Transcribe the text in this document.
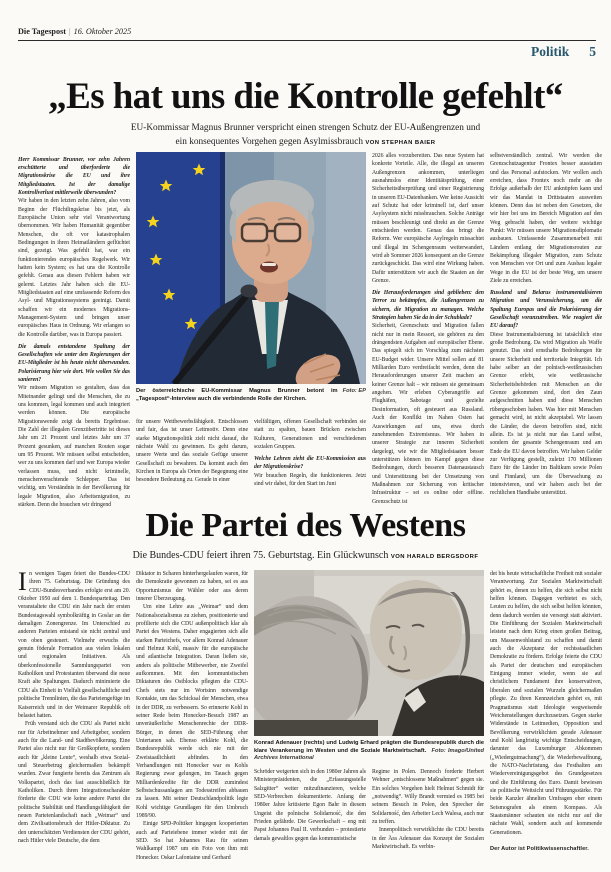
Die Tagespost | 16. Oktober 2025
Politik 5
„Es hat uns die Kontrolle gefehlt“
EU-Kommissar Magnus Brunner verspricht einen strengen Schutz der EU-Außengrenzen und
ein konsequentes Vorgehen gegen Asylmissbrauch VON STEPHAN BAIER

Herr Kommissar Brunner, vor zehn Jahren erschütterte und überforderte die Migrationskrise die EU und ihre Mitgliedstaaten. Ist der damalige Kontrollverlust mittlerweile überwunden?

Wir haben in den letzten zehn Jahren, also vom Beginn der Flüchtlingskrise bis jetzt, als Europäische Union sehr viel Verantwortung übernommen. Wir haben Humanität gegenüber Menschen, die oft vor katastrophalen Bedingungen in ihren Heimatländern geflüchtet sind, gezeigt. Was gefehlt hat, war ein funktionierendes europäisches Regelwerk. Wir hatten kein System; es hat uns die Kontrolle gefehlt. Genau aus diesen Fehlern haben wir gelernt. Letztes Jahr haben sich die EU-Mitgliedstaaten auf eine umfassende Reform des Asyl- und Migrationssystems geeinigt. Damit schaffen wir ein modernes Migrations-Management-System und bringen unser europäisches Haus in Ordnung. Wir erlangen so die Kontrolle darüber, was in Europa passiert.

Die damals entstandene Spaltung der Gesellschaften wie unter den Regierungen der EU-Mitglieder ist bis heute nicht überwunden. Polarisierung hier wie dort. Wie wollen Sie das sanieren?

Wir müssen Migration so gestalten, dass das Miteinander gelingt und die Menschen, die zu uns kommen, legal kommen und auch integriert werden können. Die europäische Migrationswende zeigt da bereits Ergebnisse. Die Zahl der illegalen Grenzübertritte ist dieses Jahr um 21 Prozent und letztes Jahr um 37 Prozent gesunken, auf manchen Routen sogar um 95 Prozent. Wir müssen selbst entscheiden, wer zu uns kommen darf und wer Europa wieder verlassen muss, und nicht kriminelle, menschenverachtende Schlepper. Das ist wichtig, um Verständnis in der Bevölkerung für legale Migration, also Arbeitsmigration, zu stärken. Denn die brauchen wir dringend

Foto: EP
Der österreichische EU-Kommissar Magnus Brunner betont im „Tagespost“-Interview auch die verbindende Rolle der Kirchen.

für unsere Wettbewerbsfähigkeit. Entschlossen und fair, das ist unser Leitmotiv. Denn eine starke Migrationspolitik zielt nicht darauf, die nächste Wahl zu gewinnen. Es geht darum, unsere Werte und das soziale Gefüge unserer Gesellschaft zu bewahren. Da kommt auch den Kirchen in Europa als Orten der Begegnung eine besondere Bedeutung zu. Gerade in einer

vielfältigen, offenen Gesellschaft verbinden sie statt zu spalten, bauen Brücken zwischen Kulturen, Generationen und verschiedenen sozialen Gruppen.

Welche Lehren zieht die EU-Kommission aus der Migrationskrise?

Wir brauchen Regeln, die funktionieren. Jetzt sind wir dabei, für den Start im Juni

2026 alles vorzubereiten. Das neue System hat konkrete Vorteile. Alle, die illegal an unseren Außengrenzen ankommen, unterliegen ausnahmslos einer Identitätsprüfung, einer Sicherheitsüberprüfung und einer Registrierung in unseren EU-Datenbanken. Wer keine Aussicht auf Schutz hat oder kriminell ist, darf unser Asylsystem nicht missbrauchen. Solche Anträge müssen beschleunigt und direkt an der Grenze entschieden werden. Genau das bringt die Reform. Wer europäische Asylregeln missachtet und illegal im Schengenraum weiterwandert, wird ab Sommer 2026 konsequent an die Grenze zurückgeschickt. Das wird eine Wirkung haben. Dafür unterstützen wir auch die Staaten an der Grenze.

Die Herausforderungen sind geblieben: den Terror zu bekämpfen, die Außengrenzen zu sichern, die Migration zu managen. Welche Strategien haben Sie da in der Schublade?

Sicherheit, Grenzschutz und Migration fallen nicht nur in mein Ressort, sie gehören zu den drängendsten Aufgaben auf europäischer Ebene. Das spiegelt sich im Vorschlag zum nächsten EU-Budget wider. Unsere Mittel sollen auf 81 Milliarden Euro verdreifacht werden, denn die Herausforderungen unserer Zeit machen an keiner Grenze halt – wir müssen sie gemeinsam angehen. Wir erleben Cyberangriffe auf Flughäfen, Sabotage und gezielte Desinformation, oft gesteuert aus Russland. Auch der Konflikt im Nahen Osten hat Auswirkungen auf uns, etwa durch zunehmenden Extremismus. Wir haben in unserer Strategie zur inneren Sicherheit dargelegt, wie wir die Mitgliedstaaten besser unterstützen können im Kampf gegen diese Bedrohungen, durch besseren Datenaustausch und Unterstützung bei der Umsetzung von Maßnahmen zur Sicherung von kritischer Infrastruktur – sei es online oder offline. Grenzschutz ist

selbstverständlich zentral. Wir werden die Grenzschutzagentur Frontex besser ausstatten und das Personal aufstocken. Wir wollen auch erreichen, dass Frontex noch mehr an die Erfolge außerhalb der EU anknüpfen kann und wir das Mandat in Drittstaaten ausweiten können. Denn das ist neben den Gesetzen, die wir hier bei uns im Bereich Migration auf den Weg gebracht haben, der weitere wichtige Punkt: Wir müssen unsere Migrationsdiplomatie ausbauen. Umfassende Zusammenarbeit mit Ländern entlang der Migrationsrouten zur Bekämpfung illegaler Migration, zum Schutz von Menschen vor Ort und zum Ausbau legaler Wege in die EU ist der beste Weg, um unsere Ziele zu erreichen.

Russland und Belarus instrumentalisieren Migration und Verunsicherung, um die Spaltung Europas und die Polarisierung der Gesellschaft voranzutreiben. Wie reagiert die EU darauf?

Diese Instrumentalisierung ist tatsächlich eine große Bedrohung. Da wird Migration als Waffe genutzt. Das sind ernsthafte Bedrohungen für unsere Sicherheit und territoriale Integrität. Ich habe selber an der polnisch-weißrussischen Grenze erlebt, wie weißrussische Sicherheitsbehörden mit Menschen an die Grenze gekommen sind, dort den Zaun aufgeschnitten haben und diese Menschen rübergeschoben haben. Was hier mit Menschen gemacht wird, ist nicht akzeptabel. Wir lassen die Länder, die davon betroffen sind, nicht allein. Es ist ja nicht nur das Land selbst, sondern der gesamte Schengenraum und am Ende die EU davon betroffen. Wir haben Gelder zur Verfügung gestellt, zuletzt 170 Millionen Euro für die Länder im Baltikum sowie Polen und Finnland, um die Überwachung zu intensivieren, und wir haben auch bei der rechtlichen Handhabe unterstützt.

Die Partei des Westens
Die Bundes-CDU feiert ihren 75. Geburtstag. Ein Glückwunsch VON HARALD BERGSDORF

In wenigen Tagen feiert die Bundes-CDU ihren 75. Geburtstag. Die Gründung des CDU-Bundesverbandes erfolgte erst am 20. Oktober 1950 auf dem 1. Bundesparteitag. Den veranstaltete die CDU ein Jahr nach der ersten Bundestagswahl symbolkräftig in Goslar an der damaligen Zonengrenze. Im Unterschied zu anderen Parteien entstand sie nicht zentral und von oben gesteuert. Vielmehr erwuchs die genuin föderale Formation aus vielen lokalen und regionalen Initiativen. Als überkonfessionelle Sammlungspartei von Katholiken und Protestanten überwand die neue Kraft alte Spaltungen. Dadurch minimierte die CDU als Einheit in Vielfalt gesellschaftliche und politische Trennlinien, die das Parteiengefüge im Kaiserreich und in der Weimarer Republik oft belastet hatten.

Früh verstand sich die CDU als Partei nicht nur für Arbeitnehmer und Arbeitgeber, sondern auch für die Land- und Stadtbevölkerung. Eine Partei also nicht nur für Großkopferte, sondern auch für „kleine Leute“, weshalb etwa Sozial- und Steuerbetrug gleichermaßen bekämpft wurden. Zwar fungierte bereits das Zentrum als Volkspartei, doch das fast ausschließlich für Katholiken. Durch ihren Integrationscharakter förderte die CDU wie keine andere Partei die politische Stabilität und Handlungsfähigkeit der neuen Parteienlandschaft nach „Weimar“ und dem Zivilisationsbruch der Hitler-Diktatur. Zu den unterschätzten Verdiensten der CDU gehört, nach Hitler viele Deutsche, die dem

Diktator in Scharen hinterhergelaufen waren, für die Demokratie gewonnen zu haben, sei es aus Opportunismus der Wähler oder aus deren innerer Überzeugung.

Um eine Lehre aus „Weimar“ und dem Nationalsozialismus zu ziehen, positionierte und profilierte sich die CDU außenpolitisch klar als Partei des Westens. Daher engagierten sich alle starken Parteichefs, vor allem Konrad Adenauer und Helmut Kohl, massiv für die europäische und atlantische Integration. Daran ließen sie, anders als politische Mitbewerber, nie Zweifel aufkommen. Mit den kommunistischen Diktaturen des Ostblocks pflegten die CDU-Chefs stets nur im Wortsinn notwendige Kontakte, um das Schicksal der Menschen, etwa in der DDR, zu verbessern. So erinnerte Kohl in seiner Rede beim Honecker-Besuch 1987 an unveräußerliche Menschenrechte der DDR-Bürger, in denen die SED-Führung eher Untertanen sah. Ebenso erklärte Kohl, die Bundesrepublik werde sich nie mit der Zweistaatlichkeit abfinden. In den Verhandlungen mit Honecker war es Kohls Regierung zwar gelungen, im Tausch gegen Milliardenkredite für die DDR zumindest Selbstschussanlagen am Todesstreifen abbauen zu lassen. Mit seiner Deutschlandpolitik legte Kohl wichtige Grundlagen für den Umbruch 1989/90.

Einige SPD-Politiker hingegen kooperierten auch auf Parteiebene immer wieder mit der SED. So hat Johannes Rau für seinen Wahlkampf 1987 um ein Foto von ihm mit Honecker. Oskar Lafontaine und Gerhard

Konrad Adenauer (rechts) und Ludwig Erhard prägten die Bundesrepublik durch die klare Verankerung im Westen und die Soziale Marktwirtschaft. Foto: Imago/United Archives International

Schröder weigerten sich in den 1980er Jahren als Ministerpräsidenten, die „Erfassungsstelle Salzgitter“ weiter mitzufinanzieren, welche SED-Verbrechen dokumentierte. Anfang der 1980er Jahre kritisierte Egon Bahr in diesem Ungeist die polnische Solidarność, die den Frieden gefährde. Die Gewerkschaft – eng mit Papst Johannes Paul II. verbunden – protestierte damals gewaltlos gegen das kommunistische

Regime in Polen. Dennoch forderte Herbert Wehner „entschlossene Maßnahmen“ gegen sie. Ein solches Vorgehen hielt Helmut Schmidt für „notwendig“. Willy Brandt vermied es 1985 bei seinem Besuch in Polen, den Sprecher der Solidarność, den Arbeiter Lech Walesa, auch nur zu treffen.

Innenpolitisch verwirklichte die CDU bereits in der Ära Adenauer das Konzept der Sozialen Marktwirtschaft. Es verbin-

det bis heute wirtschaftliche Freiheit mit sozialer Verantwortung. Zur Sozialen Marktwirtschaft gehört es, denen zu helfen, die sich selbst nicht helfen können. Dagegen verbietet es sich, Leuten zu helfen, die sich selbst helfen könnten, denn dadurch werden sie versorgt statt aktiviert. Die Einführung der Sozialen Marktwirtschaft leistete nach dem Krieg einen großen Beitrag, um Massenwohlstand zu schaffen und damit auch die Akzeptanz der rechtsstaatlichen Demokratie zu fördern. Erfolge feierte die CDU als Partei der deutschen und europäischen Einigung immer wieder, wenn sie auf christlichem Fundament ihre konservativen, liberalen und sozialen Wurzeln gleichermaßen pflegte. Zu ihren Kennzeichen gehört es, mit Pragmatismus statt Ideologie wegweisende Weichenstellungen durchzusetzen. Gegen starke Widerstände in Leitmedien, Opposition und Bevölkerung verwirklichten gerade Adenauer und Kohl langfristig wichtige Entscheidungen, darunter das Luxemburger Abkommen („Wiedergutmachung“), die Wiederbewaffnung, die NATO-Nachrüstung, das Festhalten am Wiedervereinigungsgebot des Grundgesetzes und die Einführung des Euro. Damit bewiesen sie politische Weitsicht und Führungsstärke. Für beide Kanzler ähnelten Umfragen eher einem Seismografen als einem Kompass. Als Staatsmänner schauten sie nicht nur auf die nächste Wahl, sondern auch auf kommende Generationen.

Der Autor ist Politikwissenschaftler.
